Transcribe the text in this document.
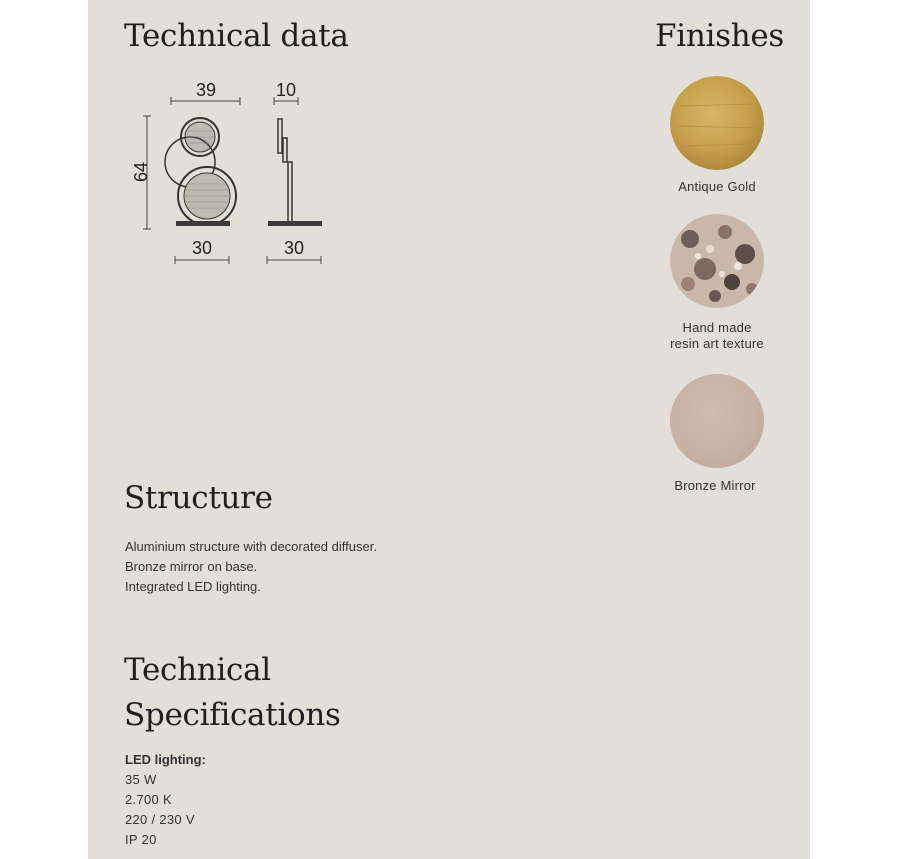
Technical data	Finishes
39	10
64
30	30
Antique Gold
Hand made
resin art texture
Bronze Mirror
Structure
Aluminium structure with decorated diffuser.
Bronze mirror on base.
Integrated LED lighting.
Technical
Specifications
LED lighting:
35 W
2.700 K
220 / 230 V
IP 20
